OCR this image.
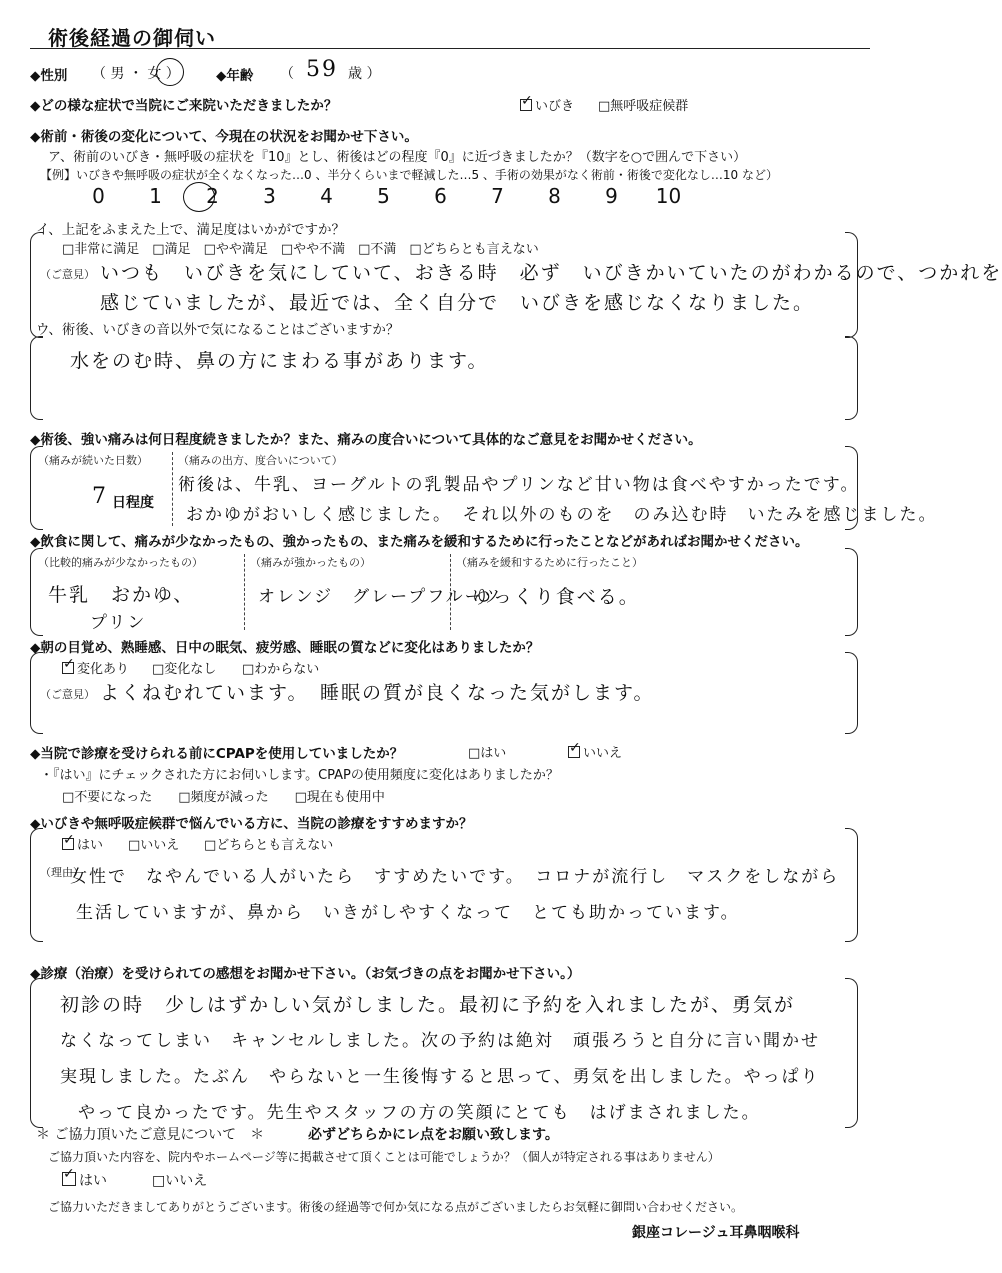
術後経過の御伺い
◆性別 （ 男 ・ 女 ）	◆年齢 （ 59 歳 ）
◆どの様な症状で当院にご来院いただきましたか？ ✓	いびき □無呼吸症候群
◆術前・術後の変化について、今現在の状況をお聞かせ下さい。
ア、術前のいびき・無呼吸の症状を『10』とし、術後はどの程度『0』に近づきましたか？（数字を○で囲んで下さい）
【例】いびきや無呼吸の症状が全くなくなった…0 、半分くらいまで軽減した…5 、手術の効果がなく術前・術後で変化なし…10 など）
0	1	2	3	4	5	6	7	8	9	10
イ、上記をふまえた上で、満足度はいかがですか？
□非常に満足　□満足　□やや満足　□やや不満　□不満　□どちらとも言えない
（ご意見） いつも　いびきを気にしていて、おきる時　必ず　いびきかいていたのがわかるので、つかれを
感じていましたが、最近では、全く自分で　いびきを感じなくなりました。
ウ、術後、いびきの音以外で気になることはございますか？
水をのむ時、鼻の方にまわる事があります。
◆術後、強い痛みは何日程度続きましたか？また、痛みの度合いについて具体的なご意見をお聞かせください。
（痛みが続いた日数）
7 日程度
（痛みの出方、度合いについて）
術後は、牛乳、ヨーグルトの乳製品やプリンなど甘い物は食べやすかったです。
おかゆがおいしく感じました。　それ以外のものを　のみ込む時　いたみを感じました。
◆飲食に関して、痛みが少なかったもの、強かったもの、また痛みを緩和するために行ったことなどがあればお聞かせください。
（比較的痛みが少なかったもの）
牛乳　おかゆ、
プリン
（痛みが強かったもの）
オレンジ　グレープフルーツ
（痛みを緩和するために行ったこと）
ゆっくり食べる。
◆朝の目覚め、熟睡感、日中の眠気、疲労感、睡眠の質などに変化はありましたか？
✓変化あり □変化なし □わからない
（ご意見） よくねむれています。　睡眠の質が良くなった気がします。
◆当院で診療を受けられる前にCPAPを使用していましたか？	□はい ✓	いいえ
・『はい』にチェックされた方にお伺いします。CPAPの使用頻度に変化はありましたか？
□不要になった　　□頻度が減った　　□現在も使用中
◆いびきや無呼吸症候群で悩んでいる方に、当院の診療をすすめますか？
✓はい □いいえ □どちらとも言えない
（理由）
女性で　なやんでいる人がいたら　すすめたいです。　コロナが流行し　マスクをしながら
生活していますが、鼻から　いきがしやすくなって　とても助かっています。
◆診療（治療）を受けられての感想をお聞かせ下さい。（お気づきの点をお聞かせ下さい。）
初診の時　少しはずかしい気がしました。最初に予約を入れましたが、勇気が
なくなってしまい　キャンセルしました。次の予約は絶対　頑張ろうと自分に言い聞かせ
実現しました。たぶん　やらないと一生後悔すると思って、勇気を出しました。やっぱり
やって良かったです。先生やスタッフの方の笑顔にとても　はげまされました。
＊ ご協力頂いたご意見について　＊	必ずどちらかにレ点をお願い致します。
ご協力頂いた内容を、院内やホームページ等に掲載させて頂くことは可能でしょうか？（個人が特定される事はありません）
✓はい	□いいえ
ご協力いただきましてありがとうございます。術後の経過等で何か気になる点がございましたらお気軽に御問い合わせください。
銀座コレージュ耳鼻咽喉科
